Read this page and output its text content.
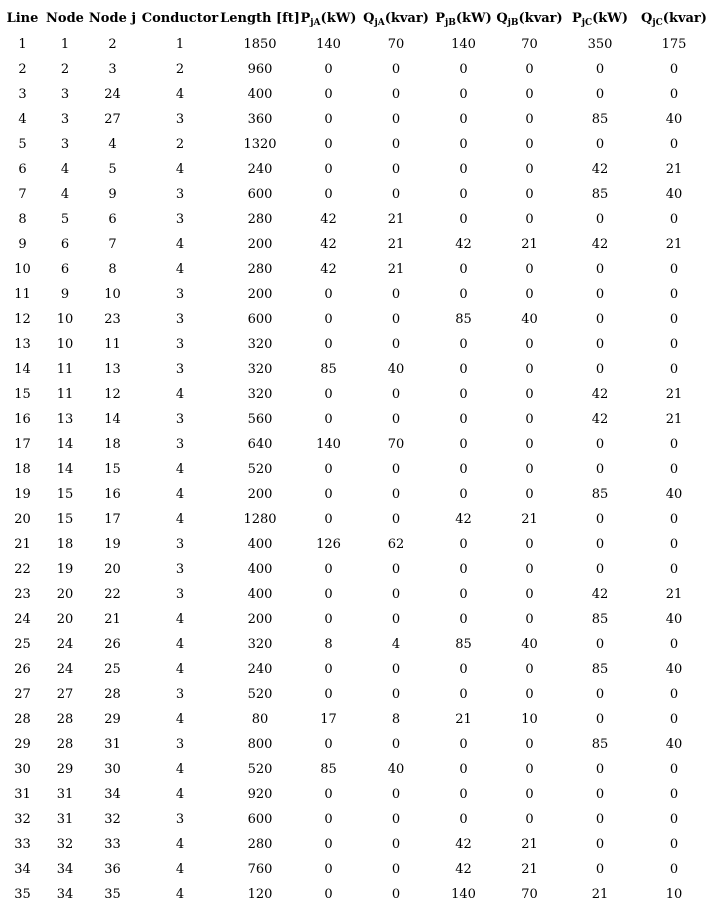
Line	Node	Node j	Conductor	Length [ft]	$P_{jA}(kW)$	$Q_{jA}(kvar)$	$P_{jB}(kW)$	$Q_{jB}(kvar)$	$P_{jC}(kW)$	$Q_{jC}(kvar)$
1	1	2	1	1850	140	70	140	70	350	175
2	2	3	2	960	0	0	0	0	0	0
3	3	24	4	400	0	0	0	0	0	0
4	3	27	3	360	0	0	0	0	85	40
5	3	4	2	1320	0	0	0	0	0	0
6	4	5	4	240	0	0	0	0	42	21
7	4	9	3	600	0	0	0	0	85	40
8	5	6	3	280	42	21	0	0	0	0
9	6	7	4	200	42	21	42	21	42	21
10	6	8	4	280	42	21	0	0	0	0
11	9	10	3	200	0	0	0	0	0	0
12	10	23	3	600	0	0	85	40	0	0
13	10	11	3	320	0	0	0	0	0	0
14	11	13	3	320	85	40	0	0	0	0
15	11	12	4	320	0	0	0	0	42	21
16	13	14	3	560	0	0	0	0	42	21
17	14	18	3	640	140	70	0	0	0	0
18	14	15	4	520	0	0	0	0	0	0
19	15	16	4	200	0	0	0	0	85	40
20	15	17	4	1280	0	0	42	21	0	0
21	18	19	3	400	126	62	0	0	0	0
22	19	20	3	400	0	0	0	0	0	0
23	20	22	3	400	0	0	0	0	42	21
24	20	21	4	200	0	0	0	0	85	40
25	24	26	4	320	8	4	85	40	0	0
26	24	25	4	240	0	0	0	0	85	40
27	27	28	3	520	0	0	0	0	0	0
28	28	29	4	80	17	8	21	10	0	0
29	28	31	3	800	0	0	0	0	85	40
30	29	30	4	520	85	40	0	0	0	0
31	31	34	4	920	0	0	0	0	0	0
32	31	32	3	600	0	0	0	0	0	0
33	32	33	4	280	0	0	42	21	0	0
34	34	36	4	760	0	0	42	21	0	0
35	34	35	4	120	0	0	140	70	21	10
